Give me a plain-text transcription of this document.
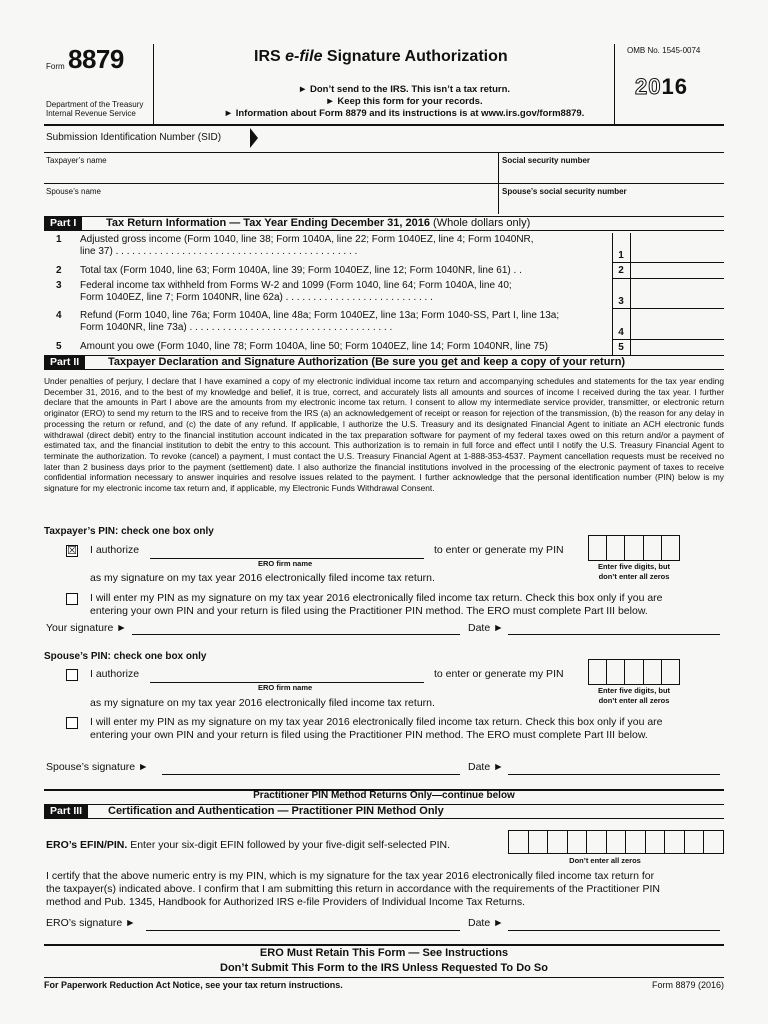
Form 8879
Department of the Treasury
Internal Revenue Service
IRS e-file Signature Authorization
► Don’t send to the IRS. This isn’t a tax return.
► Keep this form for your records.
► Information about Form 8879 and its instructions is at www.irs.gov/form8879.
OMB No. 1545-0074
2016
Submission Identification Number (SID)
Taxpayer’s name	Social security number
Spouse’s name	Spouse’s social security number
Part I	Tax Return Information — Tax Year Ending December 31, 2016 (Whole dollars only)
1 Adjusted gross income (Form 1040, line 38; Form 1040A, line 22; Form 1040EZ, line 4; Form 1040NR,
line 37) . . . . . . . . . . . . . . . . . . . . . . . . . . . . . . . . . . . . . . . . . . . .	1
2 Total tax (Form 1040, line 63; Form 1040A, line 39; Form 1040EZ, line 12; Form 1040NR, line 61) . .	2
3 Federal income tax withheld from Forms W-2 and 1099 (Form 1040, line 64; Form 1040A, line 40;
Form 1040EZ, line 7; Form 1040NR, line 62a) . . . . . . . . . . . . . . . . . . . . . . . . . . .	3
4 Refund (Form 1040, line 76a; Form 1040A, line 48a; Form 1040EZ, line 13a; Form 1040-SS, Part I, line 13a;
Form 1040NR, line 73a) . . . . . . . . . . . . . . . . . . . . . . . . . . . . . . . . . . . . .	4
5 Amount you owe (Form 1040, line 78; Form 1040A, line 50; Form 1040EZ, line 14; Form 1040NR, line 75)	5
Part II	Taxpayer Declaration and Signature Authorization (Be sure you get and keep a copy of your return)
Under penalties of perjury, I declare that I have examined a copy of my electronic individual income tax return and accompanying schedules and statements for the tax year ending December 31, 2016, and to the best of my knowledge and belief, it is true, correct, and accurately lists all amounts and sources of income I received during the tax year. I further declare that the amounts in Part I above are the amounts from my electronic income tax return. I consent to allow my intermediate service provider, transmitter, or electronic return originator (ERO) to send my return to the IRS and to receive from the IRS (a) an acknowledgement of receipt or reason for rejection of the transmission, (b) the reason for any delay in processing the return or refund, and (c) the date of any refund. If applicable, I authorize the U.S. Treasury and its designated Financial Agent to initiate an ACH electronic funds withdrawal (direct debit) entry to the financial institution account indicated in the tax preparation software for payment of my federal taxes owed on this return and/or a payment of estimated tax, and the financial institution to debit the entry to this account. This authorization is to remain in full force and effect until I notify the U.S. Treasury Financial Agent to terminate the authorization. To revoke (cancel) a payment, I must contact the U.S. Treasury Financial Agent at 1-888-353-4537. Payment cancellation requests must be received no later than 2 business days prior to the payment (settlement) date. I also authorize the financial institutions involved in the processing of the electronic payment of taxes to receive confidential information necessary to answer inquiries and resolve issues related to the payment. I further acknowledge that the personal identification number (PIN) below is my signature for my electronic income tax return and, if applicable, my Electronic Funds Withdrawal Consent.
Taxpayer’s PIN: check one box only
☒ I authorize
ERO firm name
to enter or generate my PIN
Enter five digits, but
don’t enter all zeros
as my signature on my tax year 2016 electronically filed income tax return.
I will enter my PIN as my signature on my tax year 2016 electronically filed income tax return. Check this box only if you are
entering your own PIN and your return is filed using the Practitioner PIN method. The ERO must complete Part III below.
Your signature ►	Date ►
Spouse’s PIN: check one box only
I authorize
ERO firm name
to enter or generate my PIN
Enter five digits, but
don’t enter all zeros
as my signature on my tax year 2016 electronically filed income tax return.
I will enter my PIN as my signature on my tax year 2016 electronically filed income tax return. Check this box only if you are
entering your own PIN and your return is filed using the Practitioner PIN method. The ERO must complete Part III below.
Spouse’s signature ►	Date ►
Practitioner PIN Method Returns Only—continue below
Part III	Certification and Authentication — Practitioner PIN Method Only
ERO’s EFIN/PIN. Enter your six-digit EFIN followed by your five-digit self-selected PIN.
Don’t enter all zeros
I certify that the above numeric entry is my PIN, which is my signature for the tax year 2016 electronically filed income tax return for
the taxpayer(s) indicated above. I confirm that I am submitting this return in accordance with the requirements of the Practitioner PIN
method and Pub. 1345, Handbook for Authorized IRS e-file Providers of Individual Income Tax Returns.
ERO’s signature ►	Date ►
ERO Must Retain This Form — See Instructions
Don’t Submit This Form to the IRS Unless Requested To Do So
For Paperwork Reduction Act Notice, see your tax return instructions.	Form 8879 (2016)
